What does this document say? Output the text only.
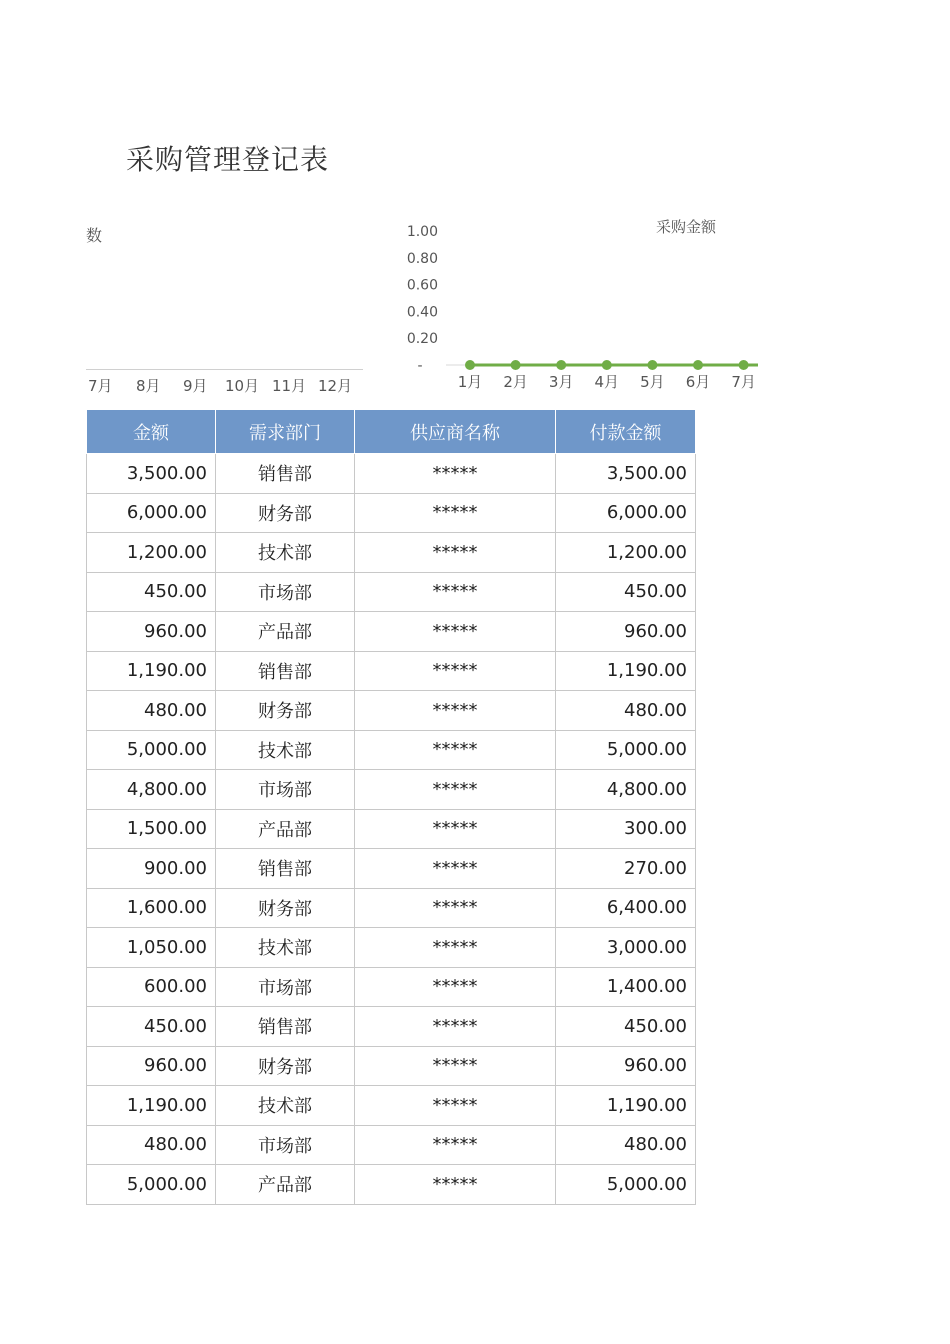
采购管理登记表
数
7月 8月 9月 10月 11月 12月
采购金额
1.00
0.80
0.60
0.40
0.20
-
1月 2月 3月 4月 5月 6月 7月
金额	需求部门	供应商名称	付款金额
3,500.00	销售部	*****	3,500.00
6,000.00	财务部	*****	6,000.00
1,200.00	技术部	*****	1,200.00
450.00	市场部	*****	450.00
960.00	产品部	*****	960.00
1,190.00	销售部	*****	1,190.00
480.00	财务部	*****	480.00
5,000.00	技术部	*****	5,000.00
4,800.00	市场部	*****	4,800.00
1,500.00	产品部	*****	300.00
900.00	销售部	*****	270.00
1,600.00	财务部	*****	6,400.00
1,050.00	技术部	*****	3,000.00
600.00	市场部	*****	1,400.00
450.00	销售部	*****	450.00
960.00	财务部	*****	960.00
1,190.00	技术部	*****	1,190.00
480.00	市场部	*****	480.00
5,000.00	产品部	*****	5,000.00
